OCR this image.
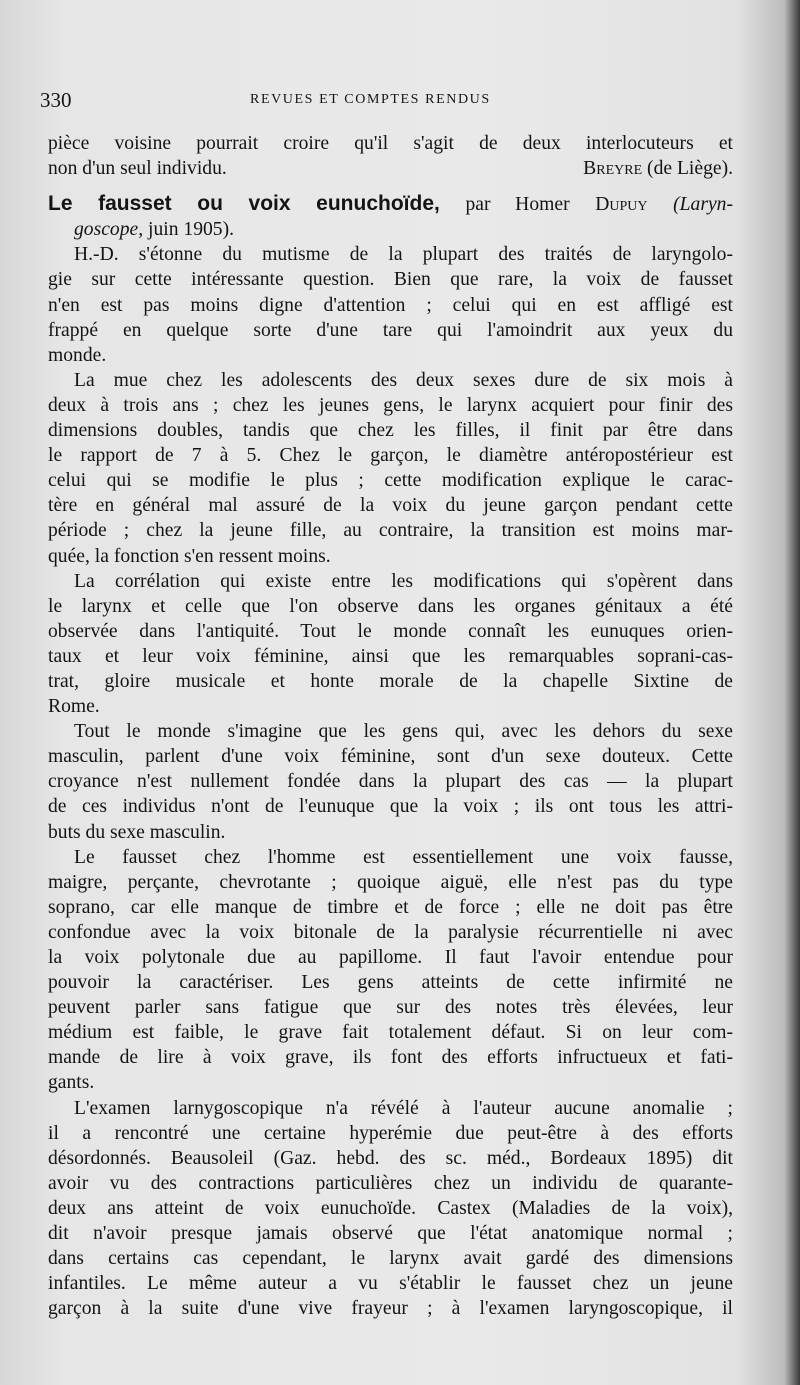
330	REVUES ET COMPTES RENDUS
pièce voisine pourrait croire qu'il s'agit de deux interlocuteurs et
non d'un seul individu.	Breyre (de Liège).
Le fausset ou voix eunuchoïde, par Homer Dupuy (Laryn-
goscope, juin 1905).
H.-D. s'étonne du mutisme de la plupart des traités de laryngolo-
gie sur cette intéressante question. Bien que rare, la voix de fausset
n'en est pas moins digne d'attention ; celui qui en est affligé est
frappé en quelque sorte d'une tare qui l'amoindrit aux yeux du
monde.
La mue chez les adolescents des deux sexes dure de six mois à
deux à trois ans ; chez les jeunes gens, le larynx acquiert pour finir des
dimensions doubles, tandis que chez les filles, il finit par être dans
le rapport de 7 à 5. Chez le garçon, le diamètre antéropostérieur est
celui qui se modifie le plus ; cette modification explique le carac-
tère en général mal assuré de la voix du jeune garçon pendant cette
période ; chez la jeune fille, au contraire, la transition est moins mar-
quée, la fonction s'en ressent moins.
La corrélation qui existe entre les modifications qui s'opèrent dans
le larynx et celle que l'on observe dans les organes génitaux a été
observée dans l'antiquité. Tout le monde connaît les eunuques orien-
taux et leur voix féminine, ainsi que les remarquables soprani-cas-
trat, gloire musicale et honte morale de la chapelle Sixtine de
Rome.
Tout le monde s'imagine que les gens qui, avec les dehors du sexe
masculin, parlent d'une voix féminine, sont d'un sexe douteux. Cette
croyance n'est nullement fondée dans la plupart des cas — la plupart
de ces individus n'ont de l'eunuque que la voix ; ils ont tous les attri-
buts du sexe masculin.
Le fausset chez l'homme est essentiellement une voix fausse,
maigre, perçante, chevrotante ; quoique aiguë, elle n'est pas du type
soprano, car elle manque de timbre et de force ; elle ne doit pas être
confondue avec la voix bitonale de la paralysie récurrentielle ni avec
la voix polytonale due au papillome. Il faut l'avoir entendue pour
pouvoir la caractériser. Les gens atteints de cette infirmité ne
peuvent parler sans fatigue que sur des notes très élevées, leur
médium est faible, le grave fait totalement défaut. Si on leur com-
mande de lire à voix grave, ils font des efforts infructueux et fati-
gants.
L'examen larnygoscopique n'a révélé à l'auteur aucune anomalie ;
il a rencontré une certaine hyperémie due peut-être à des efforts
désordonnés. Beausoleil (Gaz. hebd. des sc. méd., Bordeaux 1895) dit
avoir vu des contractions particulières chez un individu de quarante-
deux ans atteint de voix eunuchoïde. Castex (Maladies de la voix),
dit n'avoir presque jamais observé que l'état anatomique normal ;
dans certains cas cependant, le larynx avait gardé des dimensions
infantiles. Le même auteur a vu s'établir le fausset chez un jeune
garçon à la suite d'une vive frayeur ; à l'examen laryngoscopique, il
